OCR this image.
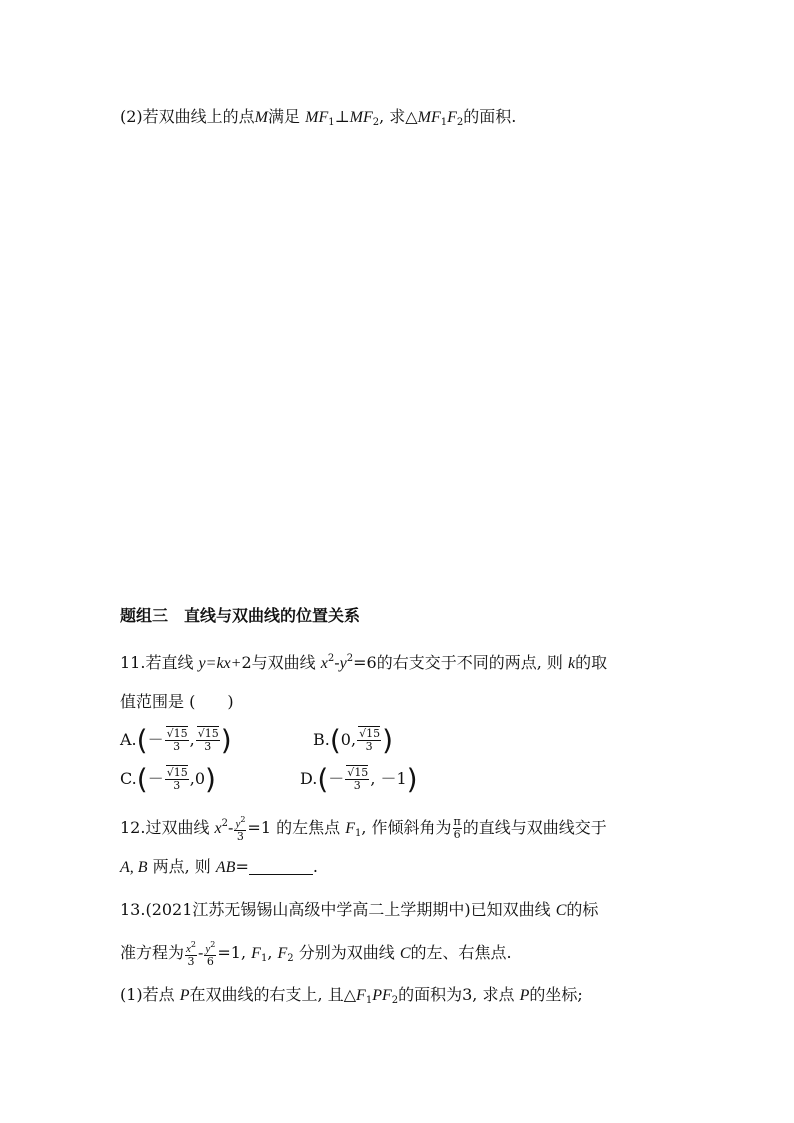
(2)若双曲线上的点M满足 $MF_1\perp MF_2$, 求$\triangle MF_1F_2$的面积.
题组三　直线与双曲线的位置关系
11.若直线 y=kx+2与双曲线 $x^2-y^2=6$的右支交于不同的两点, 则 k的取
值范围是 (　　)
A.(－ √ $\frac{15}{3}$ , √ $\frac{15}{3}$ )	B.(0, √ $\frac{15}{3}$ )
C.(－ √ $\frac{15}{3} ,0$)	D.(－ √ $\frac{15}{3}$ , －1)
12.过双曲线 $x^2- \frac{y^2}{3} =1$ 的左焦点 $F_1$, 作倾斜角为 $\frac{\pi}{6}$ 的直线与双曲线交于
A, B 两点, 则 AB=	.
13.(2021江苏无锡锡山高级中学高二上学期期中)已知双曲线 C的标
准方程为 $\frac{x^2}{3} - \frac{y^2}{6} =1$, $F_1$, $F_2$ 分别为双曲线 C的左、右焦点.
(1)若点 P在双曲线的右支上, 且$\triangle F_1PF_2$的面积为3, 求点 P的坐标;
